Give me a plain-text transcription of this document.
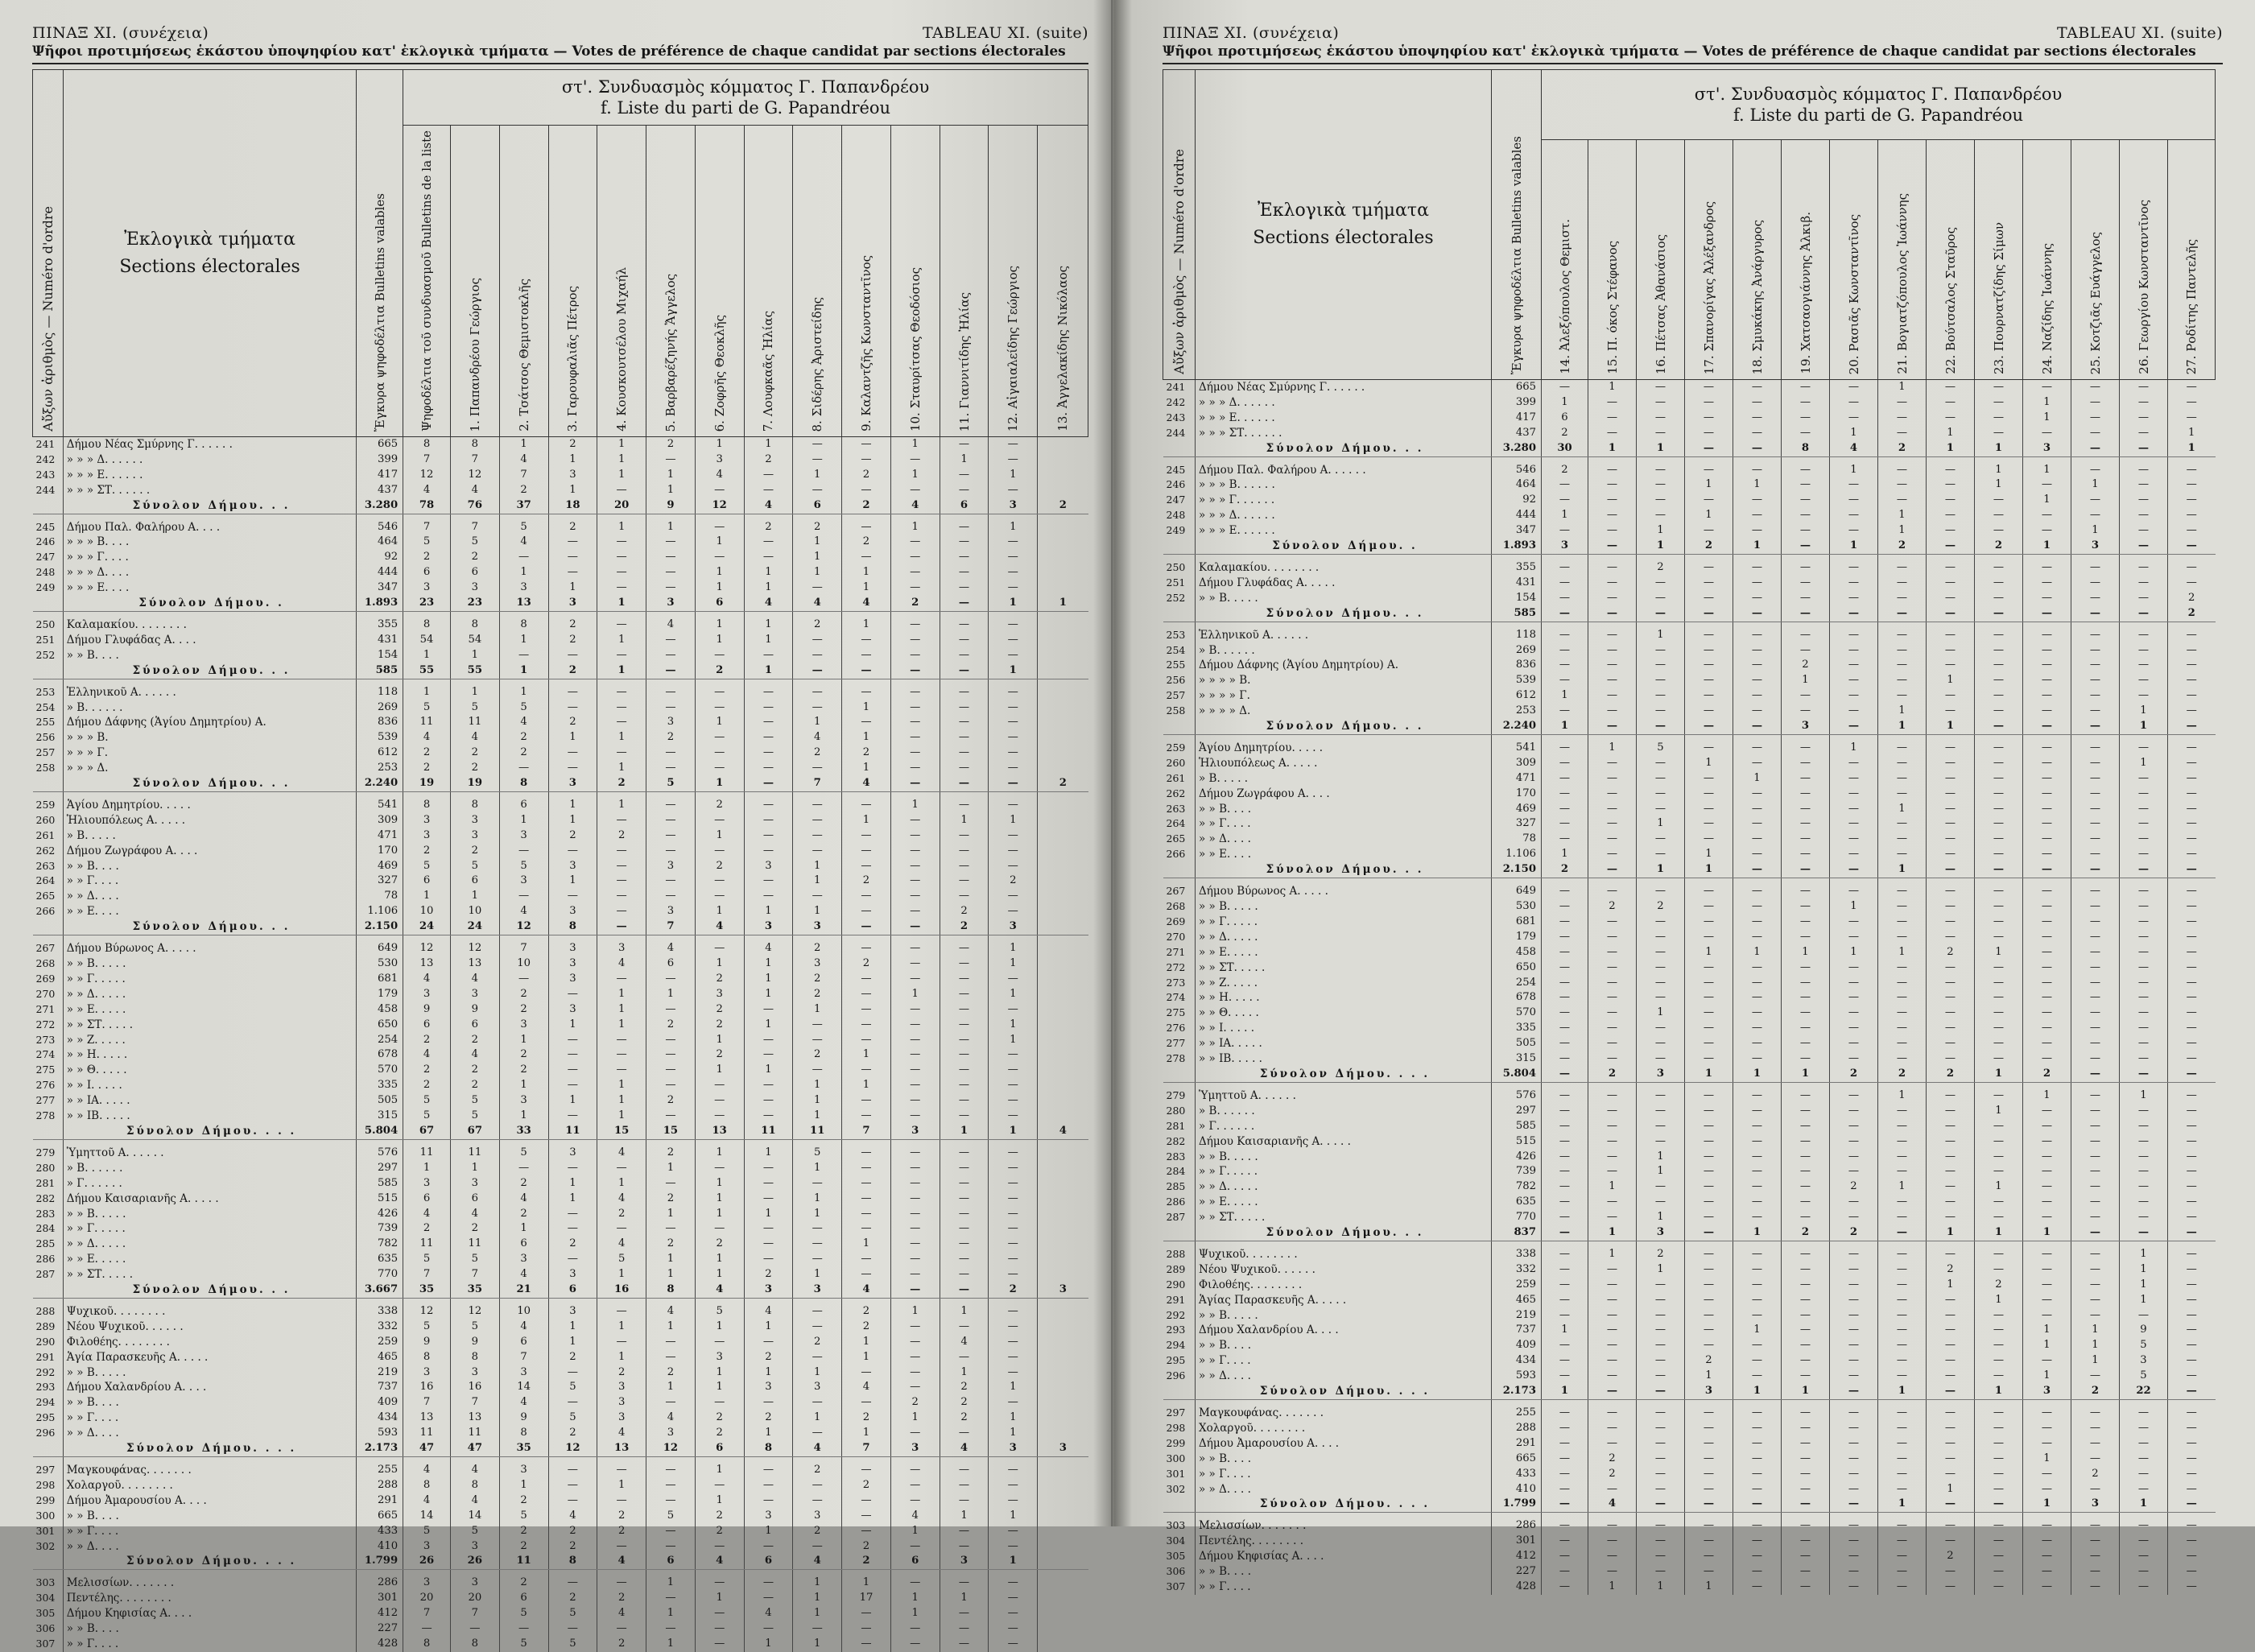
ΠΙΝΑΞ XI. (συνέχεια)	TABLEAU XI. (suite)
Ψῆφοι προτιμήσεως ἑκάστου ὑποψηφίου κατ' ἐκλογικὰ τμήματα — Votes de préférence de chaque candidat par sections électorales
Αὔξων ἀριθμὸς — Numéro d'ordre	Ἐκλογικὰ τμήματα
Sections électorales	Ἔγκυρα ψηφοδέλτια Bulletins valables	στ'. Συνδυασμὸς κόμματος Γ. Παπανδρέου
f. Liste du parti de G. Papandréou													

			Ψηφοδέλτια τοῦ συνδυασμοῦ Bulletins de la liste	1. Παπανδρέου Γεώργιος	2. Τσάτσος Θεμιστοκλῆς	3. Γαρουφαλιᾶς Πέτρος	4. Κουσκουτσέλου Μιχαήλ	5. Βαρβαρέζηνής Ἄγγελος	6. Ζοφρῆς Θεοκλῆς	7. Λουφκαᾶς Ἠλίας	8. Σιδέρης Ἀριστείδης	9. Καλαντζῆς Κωνσταντῖνος	10. Σταυρίτσας Θεοδόσιος	11. Γιαννιτίδης Ἠλίας	12. Αἰγαιαλείδης Γεώργιος	13. Ἀγγελακίδης Νικόλαος

241	Δήμου Νέας Σμύρνης Γ. . . . . .	665	8	8	1	2	1	2	1	1	—	—	1	—	—	
242	» » » Δ. . . . . .	399	7	7	4	1	1	—	3	2	—	—	—	1	—	
243	» » » Ε. . . . . .	417	12	12	7	3	1	1	4	—	1	2	1	—	1	
244	» » » ΣΤ. . . . . .	437	4	4	2	1	—	1	—	—	—	—	—	—	—	
	Σύνολον Δήμου. . .	3.280	78	76	37	18	20	9	12	4	6	2	4	6	3	2

245	Δήμου Παλ. Φαλήρου Α. . . .	546	7	7	5	2	1	1	—	2	2	—	1	—	1	
246	» » » Β. . . .	464	5	5	4	—	—	—	1	—	1	2	—	—	—	
247	» » » Γ. . . .	92	2	2	—	—	—	—	—	—	1	—	—	—	—	
248	» » » Δ. . . .	444	6	6	1	—	—	—	1	1	1	1	—	—	—	
249	» » » Ε. . . .	347	3	3	3	1	—	—	1	1	—	1	—	—	—	
	Σύνολον Δήμου. .	1.893	23	23	13	3	1	3	6	4	4	4	2	—	1	1

250	Καλαμακίου. . . . . . . .	355	8	8	8	2	—	4	1	1	2	1	—	—	—	
251	Δήμου Γλυφάδας Α. . . .	431	54	54	1	2	1	—	1	1	—	—	—	—	—	
252	» » Β. . . .	154	1	1	—	—	—	—	—	—	—	—	—	—	—	
	Σύνολον Δήμου. . .	585	55	55	1	2	1	—	2	1	—	—	—	—	1	

253	Ἑλληνικοῦ Α. . . . . .	118	1	1	1	—	—	—	—	—	—	—	—	—	—	
254	» Β. . . . . .	269	5	5	5	—	—	—	—	—	—	1	—	—	—	
255	Δήμου Δάφνης (Ἁγίου Δημητρίου) Α.	836	11	11	4	2	—	3	1	—	1	—	—	—	—	
256	» » » Β.	539	4	4	2	1	1	2	—	—	4	1	—	—	—	
257	» » » Γ.	612	2	2	2	—	—	—	—	—	2	2	—	—	—	
258	» » » Δ.	253	2	2	—	—	1	—	—	—	—	1	—	—	—	
	Σύνολον Δήμου. . .	2.240	19	19	8	3	2	5	1	—	7	4	—	—	—	2

259	Ἁγίου Δημητρίου. . . . .	541	8	8	6	1	1	—	2	—	—	—	1	—	—	
260	Ἡλιουπόλεως Α. . . . .	309	3	3	1	1	—	—	—	—	—	1	—	1	1	
261	» Β. . . . .	471	3	3	3	2	2	—	1	—	—	—	—	—	—	
262	Δήμου Ζωγράφου Α. . . .	170	2	2	—	—	—	—	—	—	—	—	—	—	—	
263	» » Β. . . .	469	5	5	5	3	—	3	2	3	1	—	—	—	—	
264	» » Γ. . . .	327	6	6	3	1	—	—	—	—	1	2	—	—	2	
265	» » Δ. . . .	78	1	1	—	—	—	—	—	—	—	—	—	—	—	
266	» » Ε. . . .	1.106	10	10	4	3	—	3	1	1	1	—	—	2	—	
	Σύνολον Δήμου. . .	2.150	24	24	12	8	—	7	4	3	3	—	—	2	3	

267	Δήμου Βύρωνος Α. . . . .	649	12	12	7	3	3	4	—	4	2	—	—	—	1	
268	» » Β. . . . .	530	13	13	10	3	4	6	1	1	3	2	—	—	1	
269	» » Γ. . . . .	681	4	4	—	3	—	—	2	1	2	—	—	—	—	
270	» » Δ. . . . .	179	3	3	2	—	1	1	3	1	2	—	1	—	1	
271	» » Ε. . . . .	458	9	9	2	3	1	—	2	—	1	—	—	—	—	
272	» » ΣΤ. . . . .	650	6	6	3	1	1	2	2	1	—	—	—	—	1	
273	» » Ζ. . . . .	254	2	2	1	—	—	—	1	—	—	—	—	—	1	
274	» » Η. . . . .	678	4	4	2	—	—	—	2	—	2	1	—	—	—	
275	» » Θ. . . . .	570	2	2	2	—	—	—	1	1	—	—	—	—	—	
276	» » Ι. . . . .	335	2	2	1	—	1	—	—	—	1	1	—	—	—	
277	» » ΙΑ. . . . .	505	5	5	3	1	1	2	—	—	1	—	—	—	—	
278	» » ΙΒ. . . . .	315	5	5	1	—	1	—	—	—	1	—	—	—	—	
	Σύνολον Δήμου. . . .	5.804	67	67	33	11	15	15	13	11	11	7	3	1	1	4

279	Ὑμηττοῦ Α. . . . . .	576	11	11	5	3	4	2	1	1	5	—	—	—	—	
280	» Β. . . . . .	297	1	1	—	—	—	1	—	—	1	—	—	—	—	
281	» Γ. . . . . .	585	3	3	2	1	1	—	1	—	—	—	—	—	—	
282	Δήμου Καισαριανῆς Α. . . . .	515	6	6	4	1	4	2	1	—	1	—	—	—	—	
283	» » Β. . . . .	426	4	4	2	—	2	1	1	1	1	—	—	—	—	
284	» » Γ. . . . .	739	2	2	1	—	—	—	—	—	—	—	—	—	—	
285	» » Δ. . . . .	782	11	11	6	2	4	2	2	—	—	1	—	—	—	
286	» » Ε. . . . .	635	5	5	3	—	5	1	1	—	—	—	—	—	—	
287	» » ΣΤ. . . . .	770	7	7	4	3	1	1	1	2	1	—	—	—	—	
	Σύνολον Δήμου. . .	3.667	35	35	21	6	16	8	4	3	3	4	—	—	2	3

288	Ψυχικοῦ. . . . . . . .	338	12	12	10	3	—	4	5	4	—	2	1	1	—	
289	Νέου Ψυχικοῦ. . . . . .	332	5	5	4	1	1	1	1	1	—	2	—	—	—	
290	Φιλοθέης. . . . . . . .	259	9	9	6	1	—	—	—	—	2	1	—	4	—	
291	Ἁγία Παρασκευῆς Α. . . . .	465	8	8	7	2	1	—	3	2	—	1	—	—	—	
292	» » Β. . . . .	219	3	3	3	—	2	2	1	1	1	—	—	1	—	
293	Δήμου Χαλανδρίου Α. . . .	737	16	16	14	5	3	1	1	3	3	4	—	2	1	
294	» » Β. . . .	409	7	7	4	—	3	—	—	—	—	—	2	2	—	
295	» » Γ. . . .	434	13	13	9	5	3	4	2	2	1	2	1	2	1	
296	» » Δ. . . .	593	11	11	8	2	4	3	2	1	—	1	—	—	1	
	Σύνολον Δήμου. . . .	2.173	47	47	35	12	13	12	6	8	4	7	3	4	3	3

297	Μαγκουφάνας. . . . . . .	255	4	4	3	—	—	—	1	—	2	—	—	—	—	
298	Χολαργοῦ. . . . . . . .	288	8	8	1	—	1	—	—	—	—	2	—	—	—	
299	Δήμου Ἀμαρουσίου Α. . . .	291	4	4	2	—	—	—	1	—	—	—	—	—	—	
300	» » Β. . . .	665	14	14	5	4	2	5	2	3	3	—	4	1	1	
301	» » Γ. . . .	433	5	5	2	2	2	—	2	1	2	—	1	—	—	
302	» » Δ. . . .	410	3	3	2	2	—	—	—	—	—	2	—	—	—	
	Σύνολον Δήμου. . . .	1.799	26	26	11	8	4	6	4	6	4	2	6	3	1	

303	Μελισσίων. . . . . . .	286	3	3	2	—	—	1	—	—	1	1	—	—	—	
304	Πεντέλης. . . . . . . .	301	20	20	6	2	2	—	1	—	1	17	1	1	—	
305	Δήμου Κηφισίας Α. . . .	412	7	7	5	5	4	1	—	4	1	—	1	—	—	
306	» » Β. . . .	227	—	—	—	—	—	—	—	—	—	—	—	—	—	
307	» » Γ. . . .	428	8	8	5	5	2	1	—	1	1	—	—	—	—	
ΠΙΝΑΞ XI. (συνέχεια)	TABLEAU XI. (suite)
Ψῆφοι προτιμήσεως ἑκάστου ὑποψηφίου κατ' ἐκλογικὰ τμήματα — Votes de préférence de chaque candidat par sections électorales
Αὔξων ἀριθμὸς — Numéro d'ordre	Ἐκλογικὰ τμήματα
Sections électorales	Ἔγκυρα ψηφοδέλτια Bulletins valables	στ'. Συνδυασμὸς κόμματος Γ. Παπανδρέου
f. Liste du parti de G. Papandréou													

			14. Ἀλεξόπουλος Θεμιστ.	15. Π. όκος Στέφανος	16. Πέτσας Ἀθανάσιος	17. Σπανορίγας Ἀλέξανδρος	18. Σμυκάκης Ἀνάργυρος	19. Χατσαογιάννης Ἀλκιβ.	20. Ρασιᾶς Κωνσταντῖνος	21. Βογιατζόπουλος Ἰωάννης	22. Βούτσαλος Σταῦρος	23. Πουρνατζίδης Σίμων	24. Ναζίδης Ἰωάννης	25. Κοτζιᾶς Ευάγγελος	26. Γεωργίου Κωνσταντῖνος	27. Ροδίτης Παντελῆς

241	Δήμου Νέας Σμύρνης Γ. . . . . .	665	—	1	—	—	—	—	—	1	—	—	—	—	—	—
242	» » » Δ. . . . . .	399	1	—	—	—	—	—	—	—	—	—	1	—	—	—
243	» » » Ε. . . . . .	417	6	—	—	—	—	—	—	—	—	—	1	—	—	—
244	» » » ΣΤ. . . . . .	437	2	—	—	—	—	—	1	—	1	—	—	—	—	1
	Σύνολον Δήμου. . .	3.280	30	1	1	—	—	8	4	2	1	1	3	—	—	1

245	Δήμου Παλ. Φαλήρου Α. . . . . .	546	2	—	—	—	—	—	1	—	—	1	1	—	—	—
246	» » » Β. . . . . .	464	—	—	—	1	1	—	—	—	—	1	—	1	—	—
247	» » » Γ. . . . . .	92	—	—	—	—	—	—	—	—	—	—	1	—	—	—
248	» » » Δ. . . . . .	444	1	—	—	1	—	—	—	1	—	—	—	—	—	—
249	» » » Ε. . . . . .	347	—	—	1	—	—	—	—	1	—	—	—	1	—	—
	Σύνολον Δήμου. .	1.893	3	—	1	2	1	—	1	2	—	2	1	3	—	—

250	Καλαμακίου. . . . . . . .	355	—	—	2	—	—	—	—	—	—	—	—	—	—	—
251	Δήμου Γλυφάδας Α. . . . .	431	—	—	—	—	—	—	—	—	—	—	—	—	—	—
252	» » Β. . . . .	154	—	—	—	—	—	—	—	—	—	—	—	—	—	2
	Σύνολον Δήμου. . .	585	—	—	—	—	—	—	—	—	—	—	—	—	—	2

253	Ἑλληνικοῦ Α. . . . . .	118	—	—	1	—	—	—	—	—	—	—	—	—	—	—
254	» Β. . . . . .	269	—	—	—	—	—	—	—	—	—	—	—	—	—	—
255	Δήμου Δάφνης (Ἁγίου Δημητρίου) Α.	836	—	—	—	—	—	2	—	—	—	—	—	—	—	—
256	» » » » Β.	539	—	—	—	—	—	1	—	—	1	—	—	—	—	—
257	» » » » Γ.	612	1	—	—	—	—	—	—	—	—	—	—	—	—	—
258	» » » » Δ.	253	—	—	—	—	—	—	—	1	—	—	—	—	1	—
	Σύνολον Δήμου. . .	2.240	1	—	—	—	—	3	—	1	1	—	—	—	1	—

259	Ἁγίου Δημητρίου. . . . .	541	—	1	5	—	—	—	1	—	—	—	—	—	—	—
260	Ἡλιουπόλεως Α. . . . .	309	—	—	—	1	—	—	—	—	—	—	—	—	1	—
261	» Β. . . . .	471	—	—	—	—	1	—	—	—	—	—	—	—	—	—
262	Δήμου Ζωγράφου Α. . . .	170	—	—	—	—	—	—	—	—	—	—	—	—	—	—
263	» » Β. . . .	469	—	—	—	—	—	—	—	1	—	—	—	—	—	—
264	» » Γ. . . .	327	—	—	1	—	—	—	—	—	—	—	—	—	—	—
265	» » Δ. . . .	78	—	—	—	—	—	—	—	—	—	—	—	—	—	—
266	» » Ε. . . .	1.106	1	—	—	1	—	—	—	—	—	—	—	—	—	—
	Σύνολον Δήμου. . .	2.150	2	—	1	1	—	—	—	1	—	—	—	—	—	—

267	Δήμου Βύρωνος Α. . . . .	649	—	—	—	—	—	—	—	—	—	—	—	—	—	—
268	» » Β. . . . .	530	—	2	2	—	—	—	1	—	—	—	—	—	—	—
269	» » Γ. . . . .	681	—	—	—	—	—	—	—	—	—	—	—	—	—	—
270	» » Δ. . . . .	179	—	—	—	—	—	—	—	—	—	—	—	—	—	—
271	» » Ε. . . . .	458	—	—	—	1	1	1	1	1	2	1	—	—	—	—
272	» » ΣΤ. . . . .	650	—	—	—	—	—	—	—	—	—	—	—	—	—	—
273	» » Ζ. . . . .	254	—	—	—	—	—	—	—	—	—	—	—	—	—	—
274	» » Η. . . . .	678	—	—	—	—	—	—	—	—	—	—	—	—	—	—
275	» » Θ. . . . .	570	—	—	1	—	—	—	—	—	—	—	—	—	—	—
276	» » Ι. . . . .	335	—	—	—	—	—	—	—	—	—	—	—	—	—	—
277	» » ΙΑ. . . . .	505	—	—	—	—	—	—	—	—	—	—	—	—	—	—
278	» » ΙΒ. . . . .	315	—	—	—	—	—	—	—	—	—	—	—	—	—	—
	Σύνολον Δήμου. . . .	5.804	—	2	3	1	1	1	2	2	2	1	2	—	—	—

279	Ὑμηττοῦ Α. . . . . .	576	—	—	—	—	—	—	—	1	—	—	1	—	1	—
280	» Β. . . . . .	297	—	—	—	—	—	—	—	—	—	1	—	—	—	—
281	» Γ. . . . . .	585	—	—	—	—	—	—	—	—	—	—	—	—	—	—
282	Δήμου Καισαριανῆς Α. . . . .	515	—	—	—	—	—	—	—	—	—	—	—	—	—	—
283	» » Β. . . . .	426	—	—	1	—	—	—	—	—	—	—	—	—	—	—
284	» » Γ. . . . .	739	—	—	1	—	—	—	—	—	—	—	—	—	—	—
285	» » Δ. . . . .	782	—	1	—	—	—	—	2	1	—	1	—	—	—	—
286	» » Ε. . . . .	635	—	—	—	—	—	—	—	—	—	—	—	—	—	—
287	» » ΣΤ. . . . .	770	—	—	1	—	—	—	—	—	—	—	—	—	—	—
	Σύνολον Δήμου. . .	837	—	1	3	—	1	2	2	—	1	1	1	—	—	—

288	Ψυχικοῦ. . . . . . . .	338	—	1	2	—	—	—	—	—	—	—	—	—	1	—
289	Νέου Ψυχικοῦ. . . . . .	332	—	—	1	—	—	—	—	—	2	—	—	—	1	—
290	Φιλοθέης. . . . . . . .	259	—	—	—	—	—	—	—	—	1	2	—	—	1	—
291	Ἁγίας Παρασκευῆς Α. . . . .	465	—	—	—	—	—	—	—	—	—	1	—	—	1	—
292	» » Β. . . . .	219	—	—	—	—	—	—	—	—	—	—	—	—	—	—
293	Δήμου Χαλανδρίου Α. . . .	737	1	—	—	—	1	—	—	—	—	—	1	1	9	—
294	» » Β. . . .	409	—	—	—	—	—	—	—	—	—	—	1	1	5	—
295	» » Γ. . . .	434	—	—	—	2	—	—	—	—	—	—	—	1	3	—
296	» » Δ. . . .	593	—	—	—	1	—	—	—	—	—	—	1	—	5	—
	Σύνολον Δήμου. . . .	2.173	1	—	—	3	1	1	—	1	—	1	3	2	22	—

297	Μαγκουφάνας. . . . . . .	255	—	—	—	—	—	—	—	—	—	—	—	—	—	—
298	Χολαργοῦ. . . . . . . .	288	—	—	—	—	—	—	—	—	—	—	—	—	—	—
299	Δήμου Ἀμαρουσίου Α. . . .	291	—	—	—	—	—	—	—	—	—	—	—	—	—	—
300	» » Β. . . .	665	—	2	—	—	—	—	—	—	—	—	1	—	—	—
301	» » Γ. . . .	433	—	2	—	—	—	—	—	—	—	—	—	2	—	—
302	» » Δ. . . .	410	—	—	—	—	—	—	—	—	1	—	—	—	—	—
	Σύνολον Δήμου. . . .	1.799	—	4	—	—	—	—	—	1	—	—	1	3	1	—

303	Μελισσίων. . . . . . .	286	—	—	—	—	—	—	—	—	—	—	—	—	—	—
304	Πεντέλης. . . . . . . .	301	—	—	—	—	—	—	—	—	—	—	—	—	—	—
305	Δήμου Κηφισίας Α. . . .	412	—	—	—	—	—	—	—	—	2	—	—	—	—	—
306	» » Β. . . .	227	—	—	—	—	—	—	—	—	—	—	—	—	—	—
307	» » Γ. . . .	428	—	1	1	1	—	—	—	—	—	—	—	—	—	—
